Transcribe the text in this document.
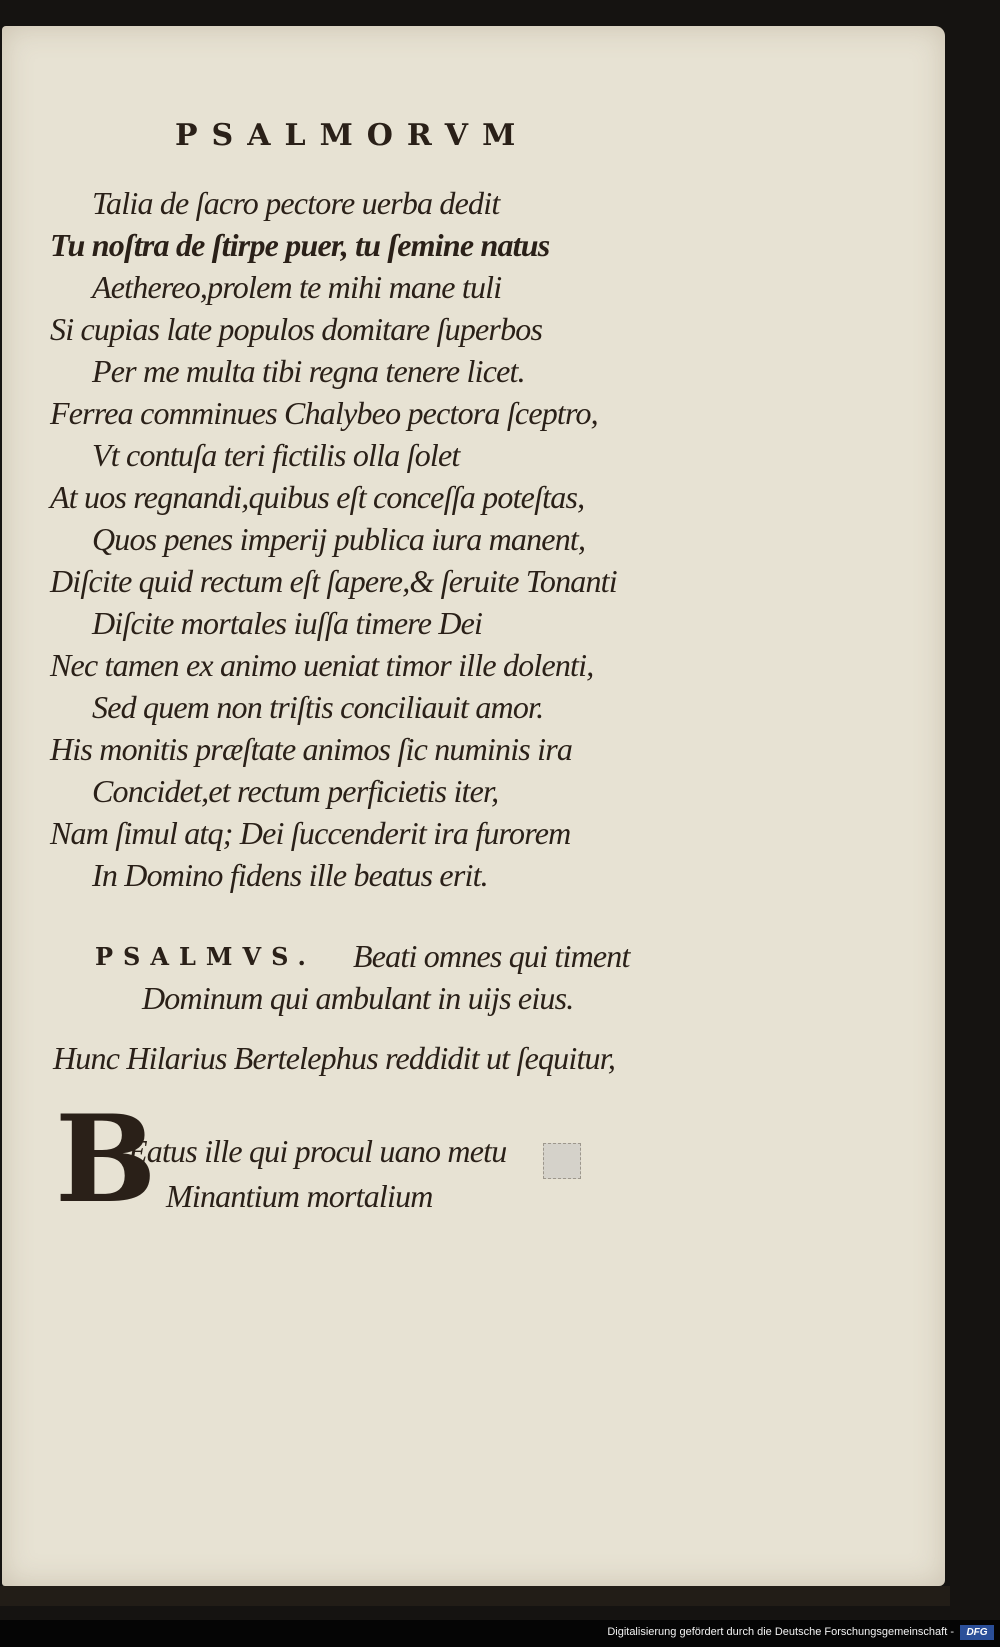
PSALMORVM
Talia de ſacro pectore uerba dedit
Tu noſtra de ſtirpe puer, tu ſemine natus
Aethereo,prolem te mihi mane tuli
Si cupias late populos domitare ſuperbos
Per me multa tibi regna tenere licet.
Ferrea comminues Chalybeo pectora ſceptro,
Vt contuſa teri fictilis olla ſolet
At uos regnandi,quibus eſt conceſſa poteſtas,
Quos penes imperij publica iura manent,
Diſcite quid rectum eſt ſapere,& ſeruite Tonanti
Diſcite mortales iuſſa timere Dei
Nec tamen ex animo ueniat timor ille dolenti,
Sed quem non triſtis conciliauit amor.
His monitis præſtate animos ſic numinis ira
Concidet,et rectum perficietis iter,
Nam ſimul atq; Dei ſuccenderit ira furorem
In Domino fidens ille beatus erit.
PSALMVS. Beati omnes qui timent
Dominum qui ambulant in uijs eius.
Hunc Hilarius Bertelephus reddidit ut ſequitur,
B
Eatus ille qui procul uano metu
Minantium mortalium
Digitalisierung gefördert durch die Deutsche Forschungsgemeinschaft -	DFG
